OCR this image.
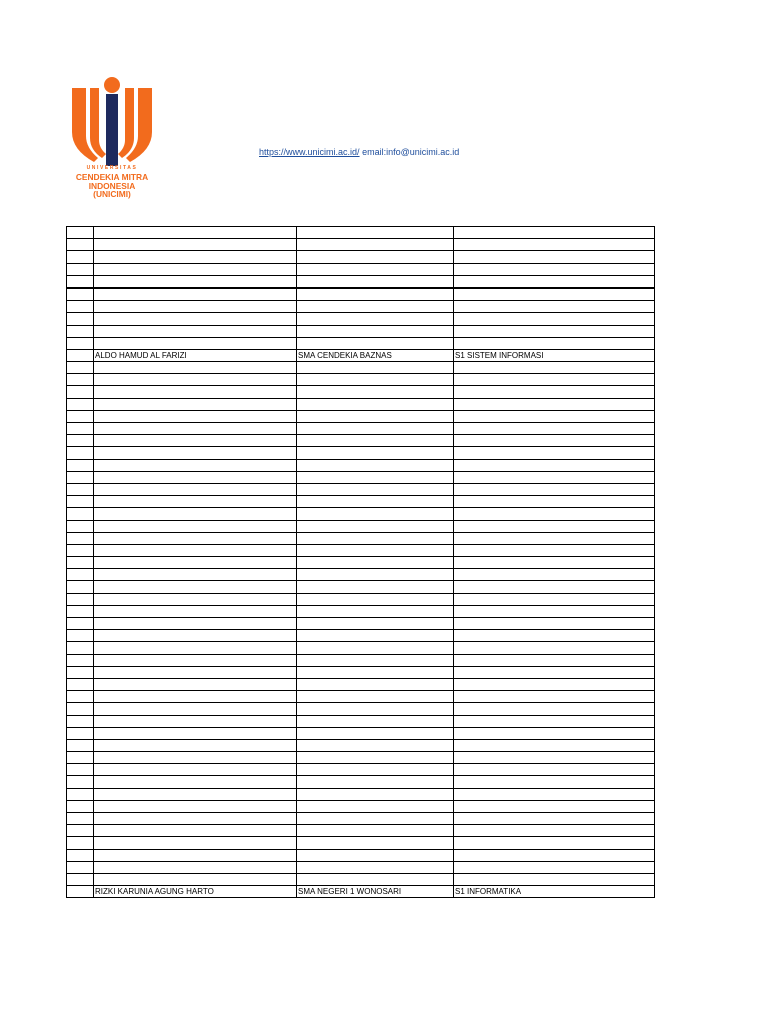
UNIVERSITAS
CENDEKIA MITRA
INDONESIA
(UNICIMI)
https://www.unicimi.ac.id/ email:info@unicimi.ac.id

	ALDO HAMUD AL FARIZI	SMA CENDEKIA BAZNAS	S1 SISTEM INFORMASI

	RIZKI KARUNIA AGUNG HARTO	SMA NEGERI 1 WONOSARI	S1 INFORMATIKA
